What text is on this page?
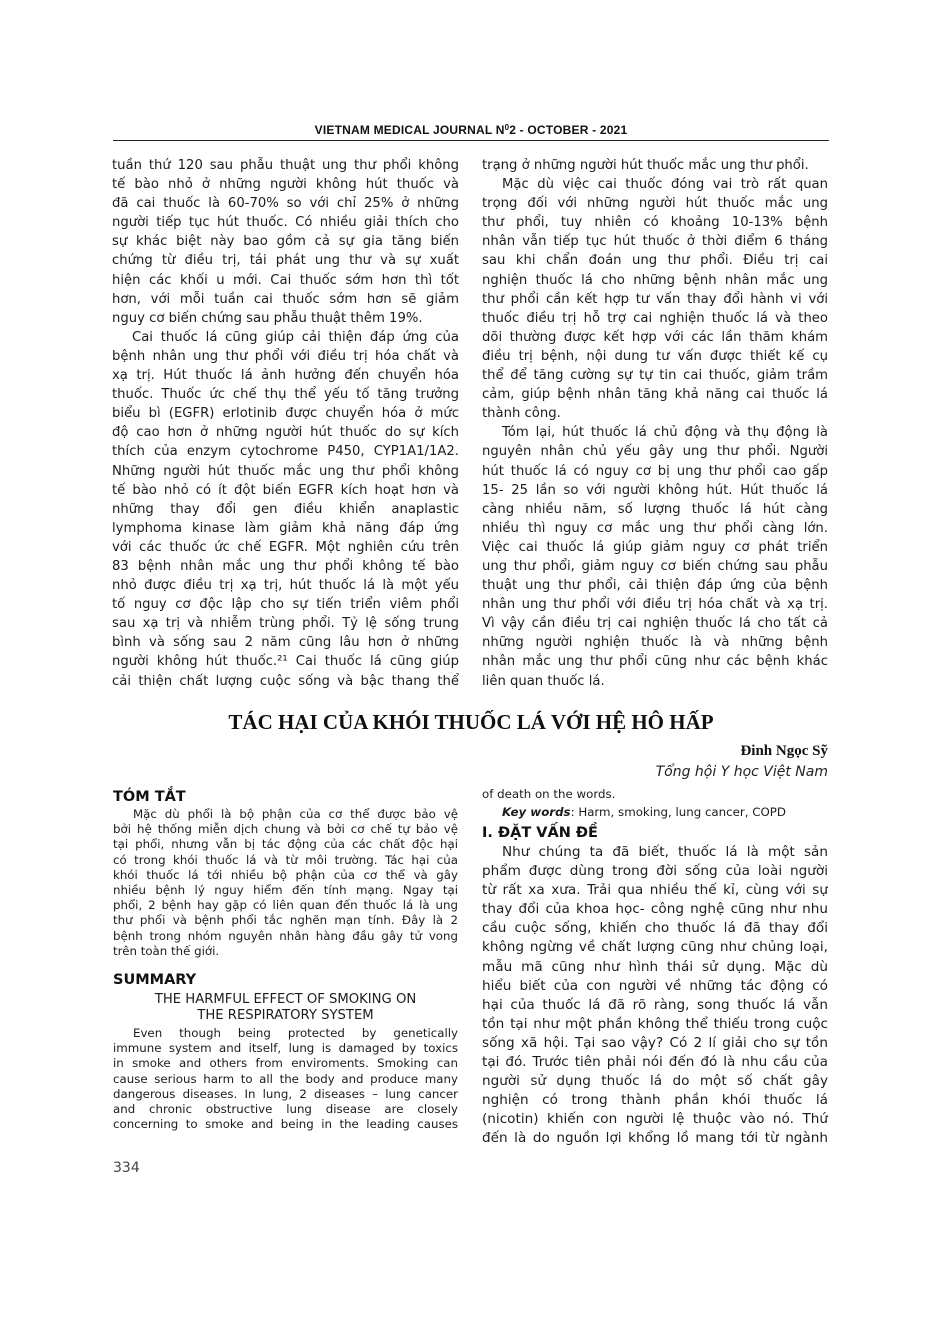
VIETNAM MEDICAL JOURNAL $N^02$ - OCTOBER - 2021
tuần thứ 120 sau phẫu thuật ung thư phổi không
tế bào nhỏ ở những người không hút thuốc và
đã cai thuốc là 60-70% so với chỉ 25% ở những
người tiếp tục hút thuốc. Có nhiều giải thích cho
sự khác biệt này bao gồm cả sự gia tăng biến
chứng từ điều trị, tái phát ung thư và sự xuất
hiện các khối u mới. Cai thuốc sớm hơn thì tốt
hơn, với mỗi tuần cai thuốc sớm hơn sẽ giảm
nguy cơ biến chứng sau phẫu thuật thêm 19%.
Cai thuốc lá cũng giúp cải thiện đáp ứng của
bệnh nhân ung thư phổi với điều trị hóa chất và
xạ trị. Hút thuốc lá ảnh hưởng đến chuyển hóa
thuốc. Thuốc ức chế thụ thể yếu tố tăng trưởng
biểu bì (EGFR) erlotinib được chuyển hóa ở mức
độ cao hơn ở những người hút thuốc do sự kích
thích của enzym cytochrome P450, CYP1A1/1A2.
Những người hút thuốc mắc ung thư phổi không
tế bào nhỏ có ít đột biến EGFR kích hoạt hơn và
những thay đổi gen điều khiển anaplastic
lymphoma kinase làm giảm khả năng đáp ứng
với các thuốc ức chế EGFR. Một nghiên cứu trên
83 bệnh nhân mắc ung thư phổi không tế bào
nhỏ được điều trị xạ trị, hút thuốc lá là một yếu
tố nguy cơ độc lập cho sự tiến triển viêm phổi
sau xạ trị và nhiễm trùng phổi. Tỷ lệ sống trung
bình và sống sau 2 năm cũng lâu hơn ở những
người không hút thuốc.²¹ Cai thuốc lá cũng giúp
cải thiện chất lượng cuộc sống và bậc thang thể
trạng ở những người hút thuốc mắc ung thư phổi.
Mặc dù việc cai thuốc đóng vai trò rất quan
trọng đối với những người hút thuốc mắc ung
thư phổi, tuy nhiên có khoảng 10-13% bệnh
nhân vẫn tiếp tục hút thuốc ở thời điểm 6 tháng
sau khi chẩn đoán ung thư phổi. Điều trị cai
nghiện thuốc lá cho những bệnh nhân mắc ung
thư phổi cần kết hợp tư vấn thay đổi hành vi với
thuốc điều trị hỗ trợ cai nghiện thuốc lá và theo
dõi thường được kết hợp với các lần thăm khám
điều trị bệnh, nội dung tư vấn được thiết kế cụ
thể để tăng cường sự tự tin cai thuốc, giảm trầm
cảm, giúp bệnh nhân tăng khả năng cai thuốc lá
thành công.
Tóm lại, hút thuốc lá chủ động và thụ động là
nguyên nhân chủ yếu gây ung thư phổi. Người
hút thuốc lá có nguy cơ bị ung thư phổi cao gấp
15- 25 lần so với người không hút. Hút thuốc lá
càng nhiều năm, số lượng thuốc lá hút càng
nhiều thì nguy cơ mắc ung thư phổi càng lớn.
Việc cai thuốc lá giúp giảm nguy cơ phát triển
ung thư phổi, giảm nguy cơ biến chứng sau phẫu
thuật ung thư phổi, cải thiện đáp ứng của bệnh
nhân ung thư phổi với điều trị hóa chất và xạ trị.
Vì vậy cần điều trị cai nghiện thuốc lá cho tất cả
những người nghiện thuốc là và những bệnh
nhân mắc ung thư phổi cũng như các bệnh khác
liên quan thuốc lá.
TÁC HẠI CỦA KHÓI THUỐC LÁ VỚI HỆ HÔ HẤP
Đinh Ngọc Sỹ
Tổng hội Y học Việt Nam
TÓM TẮT
Mặc dù phổi là bộ phận của cơ thể được bảo vệ
bởi hệ thống miễn dịch chung và bởi cơ chế tự bảo vệ
tại phổi, nhưng vẫn bị tác động của các chất độc hại
có trong khói thuốc lá và từ môi trường. Tác hại của
khói thuốc lá tới nhiều bộ phận của cơ thể và gây
nhiều bệnh lý nguy hiểm đến tính mạng. Ngay tại
phổi, 2 bệnh hay gặp có liên quan đến thuốc lá là ung
thư phổi và bệnh phổi tắc nghẽn mạn tính. Đây là 2
bệnh trong nhóm nguyên nhân hàng đầu gây tử vong
trên toàn thế giới.
SUMMARY
THE HARMFUL EFFECT OF SMOKING ON
THE RESPIRATORY SYSTEM
Even though being protected by genetically
immune system and itself, lung is damaged by toxics
in smoke and others from enviroments. Smoking can
cause serious harm to all the body and produce many
dangerous diseases. In lung, 2 diseases – lung cancer
and chronic obstructive lung disease are closely
concerning to smoke and being in the leading causes
of death on the words.
Key words: Harm, smoking, lung cancer, COPD
I. ĐẶT VẤN ĐỀ
Như chúng ta đã biết, thuốc lá là một sản
phẩm được dùng trong đời sống của loài người
từ rất xa xưa. Trải qua nhiều thế kỉ, cùng với sự
thay đổi của khoa học- công nghệ cũng như nhu
cầu cuộc sống, khiến cho thuốc lá đã thay đổi
không ngừng về chất lượng cũng như chủng loại,
mẫu mã cũng như hình thái sử dụng. Mặc dù
hiểu biết của con người về những tác động có
hại của thuốc lá đã rõ ràng, song thuốc lá vẫn
tồn tại như một phần không thể thiếu trong cuộc
sống xã hội. Tại sao vậy? Có 2 lí giải cho sự tồn
tại đó. Trước tiên phải nói đến đó là nhu cầu của
người sử dụng thuốc lá do một số chất gây
nghiện có trong thành phần khói thuốc lá
(nicotin) khiến con người lệ thuộc vào nó. Thứ
đến là do nguồn lợi khổng lồ mang tới từ ngành
334
